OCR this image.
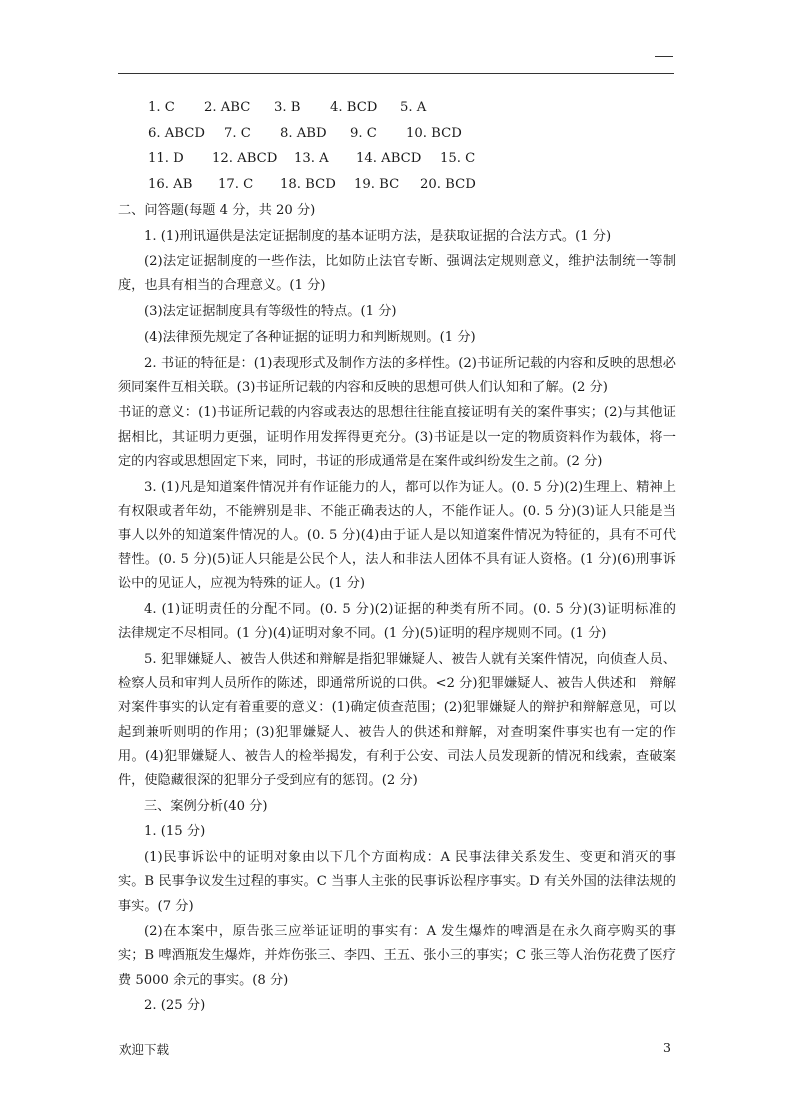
1. C	2. ABC	3. B	4. BCD	5. A
6. ABCD	7. C	8. ABD	9. C	10. BCD
11. D	12. ABCD	13. A	14. ABCD	15. C
16. AB	17. C	18. BCD	19. BC	20. BCD

二、问答题(每题 4 分，共 20 分)

1. (1)刑讯逼供是法定证据制度的基本证明方法，是获取证据的合法方式。(1 分)

(2)法定证据制度的一些作法，比如防止法官专断、强调法定规则意义，维护法制统一等制度，也具有相当的合理意义。(1 分)

(3)法定证据制度具有等级性的特点。(1 分)

(4)法律预先规定了各种证据的证明力和判断规则。(1 分)

2. 书证的特征是：(1)表现形式及制作方法的多样性。(2)书证所记载的内容和反映的思想必须同案件互相关联。(3)书证所记载的内容和反映的思想可供人们认知和了解。(2 分)

书证的意义：(1)书证所记载的内容或表达的思想往往能直接证明有关的案件事实；(2)与其他证据相比，其证明力更强，证明作用发挥得更充分。(3)书证是以一定的物质资料作为载体，将一定的内容或思想固定下来，同时，书证的形成通常是在案件或纠纷发生之前。(2 分)

3. (1)凡是知道案件情况并有作证能力的人，都可以作为证人。(0. 5 分)(2)生理上、精神上有权限或者年幼，不能辨别是非、不能正确表达的人，不能作证人。(0. 5 分)(3)证人只能是当事人以外的知道案件情况的人。(0. 5 分)(4)由于证人是以知道案件情况为特征的，具有不可代替性。(0. 5 分)(5)证人只能是公民个人，法人和非法人团体不具有证人资格。(1 分)(6)刑事诉讼中的见证人，应视为特殊的证人。(1 分)

4. (1)证明责任的分配不同。(0. 5 分)(2)证据的种类有所不同。(0. 5 分)(3)证明标准的　法律规定不尽相同。(1 分)(4)证明对象不同。(1 分)(5)证明的程序规则不同。(1 分)

5. 犯罪嫌疑人、被告人供述和辩解是指犯罪嫌疑人、被告人就有关案件情况，向侦查人员、检察人员和审判人员所作的陈述，即通常所说的口供。<2 分)犯罪嫌疑人、被告人供述和　辩解对案件事实的认定有着重要的意义：(1)确定侦查范围；(2)犯罪嫌疑人的辩护和辩解意见，可以起到兼听则明的作用；(3)犯罪嫌疑人、被告人的供述和辩解，对查明案件事实也有一定的作用。(4)犯罪嫌疑人、被告人的检举揭发，有利于公安、司法人员发现新的情况和线索，查破案件，使隐藏很深的犯罪分子受到应有的惩罚。(2 分)

三、案例分析(40 分)

1. (15 分)

(1)民事诉讼中的证明对象由以下几个方面构成：A 民事法律关系发生、变更和消灭的事实。B 民事争议发生过程的事实。C 当事人主张的民事诉讼程序事实。D 有关外国的法律法规的事实。(7 分)

(2)在本案中，原告张三应举证证明的事实有：A 发生爆炸的啤酒是在永久商亭购买的事实；B 啤酒瓶发生爆炸，并炸伤张三、李四、王五、张小三的事实；C 张三等人治伤花费了医疗费 5000 余元的事实。(8 分)

2. (25 分)

欢迎下载	3
